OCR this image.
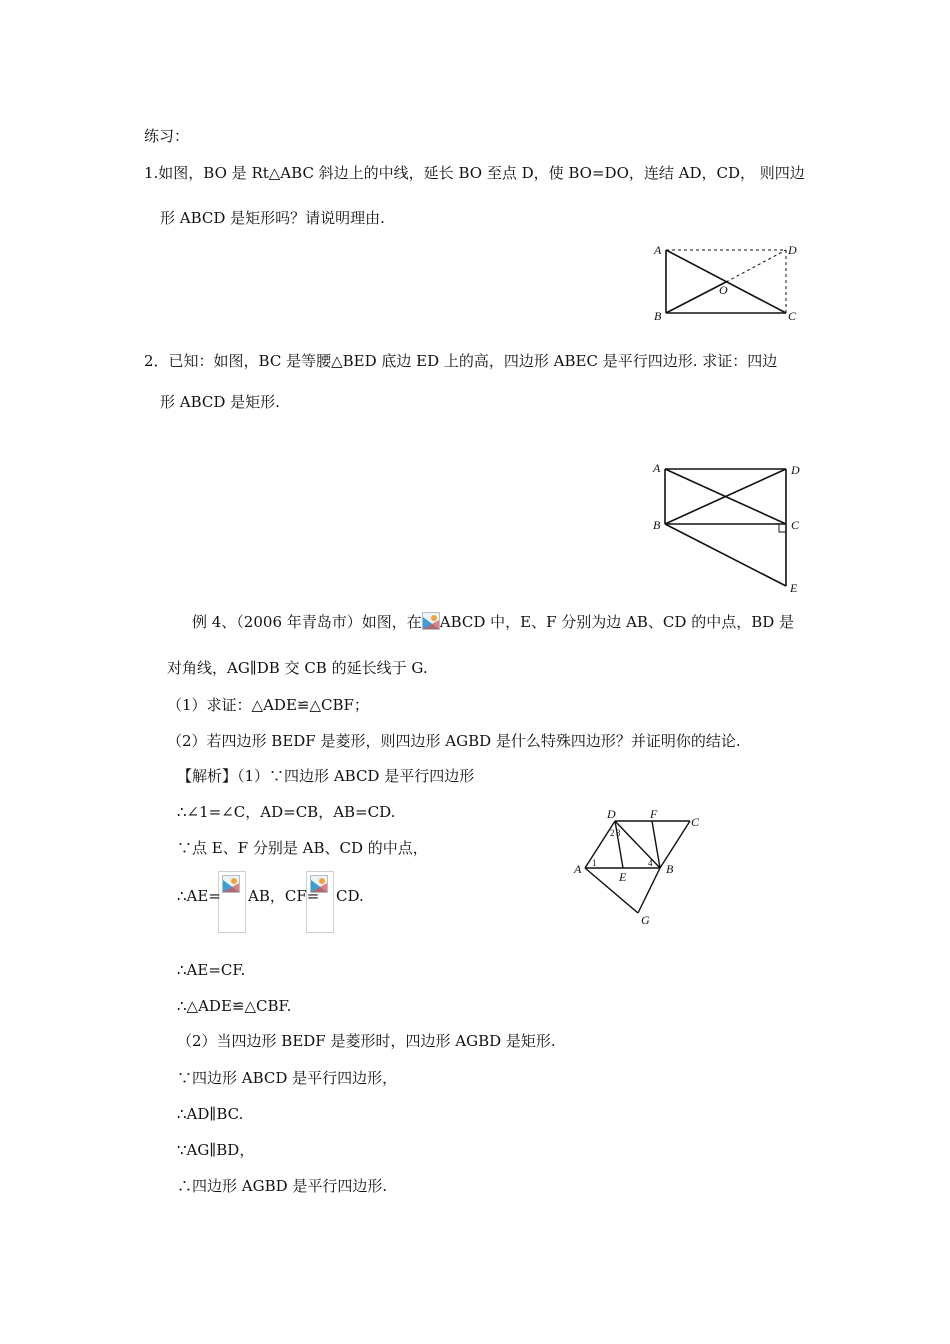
练习：
1.如图，BO 是 Rt△ABC 斜边上的中线，延长 BO 至点 D，使 BO=DO，连结 AD，CD， 则四边
形 ABCD 是矩形吗？请说明理由.
A	D
B	C
O
2．已知：如图，BC 是等腰△BED 底边 ED 上的高，四边形 ABEC 是平行四边形. 求证：四边
形 ABCD 是矩形.
A	D
B	C
E
例 4、（2006 年青岛市）如图，在 ABCD 中，E、F 分别为边 AB、CD 的中点，BD 是
对角线，AG∥DB 交 CB 的延长线于 G.
（1）求证：△ADE≌△CBF；
（2）若四边形 BEDF 是菱形，则四边形 AGBD 是什么特殊四边形？并证明你的结论.
【解析】（1）∵四边形 ABCD 是平行四边形
∴∠1=∠C，AD=CB，AB=CD.
∵点 E、F 分别是 AB、CD 的中点，
∴AE= AB，CF= CD.
∴AE=CF.
∴△ADE≌△CBF.
（2）当四边形 BEDF 是菱形时，四边形 AGBD 是矩形.
∵四边形 ABCD 是平行四边形，
∴AD∥BC.
∵AG∥BD，
∴四边形 AGBD 是平行四边形.
D	F
C
A	B
E
G
1
2 3
4
